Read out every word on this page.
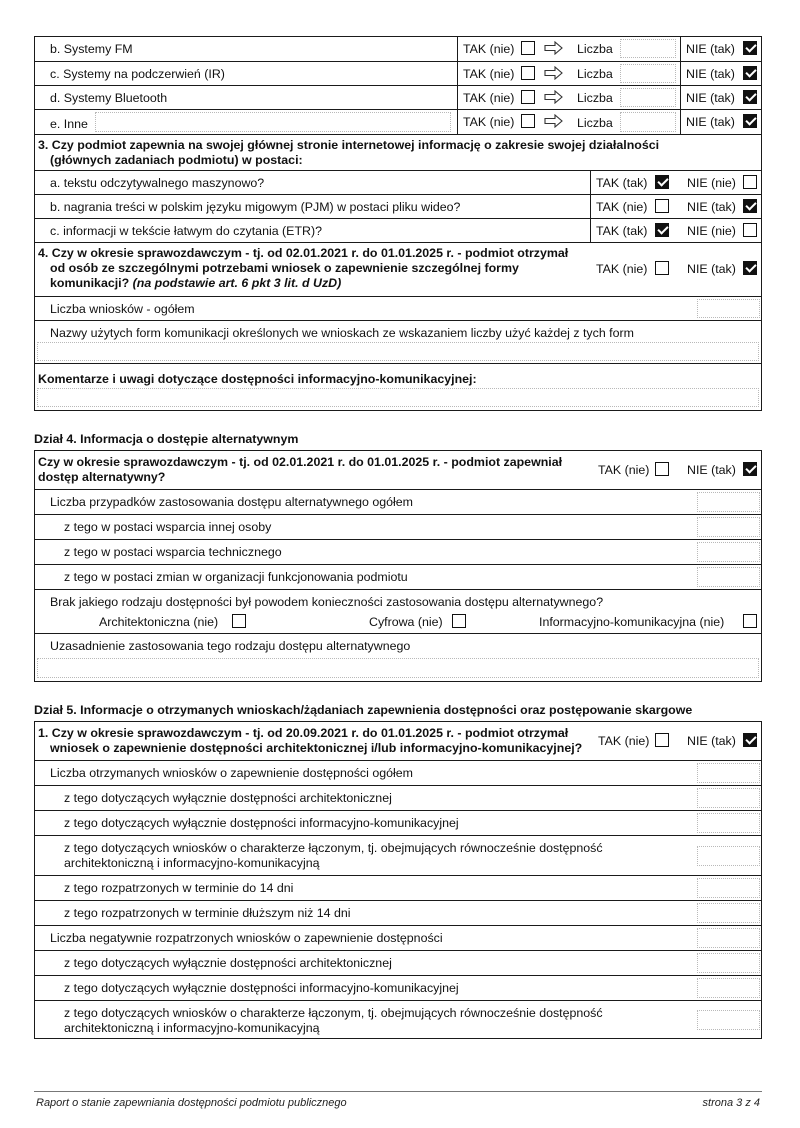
b. Systemy FM	TAK (nie)	Liczba	NIE (tak)
c. Systemy na podczerwień (IR)	TAK (nie)	Liczba	NIE (tak)
d. Systemy Bluetooth	TAK (nie)	Liczba	NIE (tak)
e. Inne	TAK (nie)	Liczba	NIE (tak)
3. Czy podmiot zapewnia na swojej głównej stronie internetowej informację o zakresie swojej działalności
(głównych zadaniach podmiotu) w postaci:
a. tekstu odczytywalnego maszynowo?	TAK (tak)	NIE (nie)
b. nagrania treści w polskim języku migowym (PJM) w postaci pliku wideo?	TAK (nie)	NIE (tak)
c. informacji w tekście łatwym do czytania (ETR)?	TAK (tak)	NIE (nie)
4. Czy w okresie sprawozdawczym - tj. od 02.01.2021 r. do 01.01.2025 r. - podmiot otrzymał
od osób ze szczególnymi potrzebami wniosek o zapewnienie szczególnej formy
komunikacji? (na podstawie art. 6 pkt 3 lit. d UzD)
TAK (nie)	NIE (tak)
Liczba wniosków - ogółem
Nazwy użytych form komunikacji określonych we wnioskach ze wskazaniem liczby użyć każdej z tych form
Komentarze i uwagi dotyczące dostępności informacyjno-komunikacyjnej:
Dział 4. Informacja o dostępie alternatywnym
Czy w okresie sprawozdawczym - tj. od 02.01.2021 r. do 01.01.2025 r. - podmiot zapewniał
dostęp alternatywny?	TAK (nie)	NIE (tak)
Liczba przypadków zastosowania dostępu alternatywnego ogółem
z tego w postaci wsparcia innej osoby
z tego w postaci wsparcia technicznego
z tego w postaci zmian w organizacji funkcjonowania podmiotu
Brak jakiego rodzaju dostępności był powodem konieczności zastosowania dostępu alternatywnego?
Architektoniczna (nie)	Cyfrowa (nie)	Informacyjno-komunikacyjna (nie)
Uzasadnienie zastosowania tego rodzaju dostępu alternatywnego
Dział 5. Informacje o otrzymanych wnioskach/żądaniach zapewnienia dostępności oraz postępowanie skargowe
1. Czy w okresie sprawozdawczym - tj. od 20.09.2021 r. do 01.01.2025 r. - podmiot otrzymał
wniosek o zapewnienie dostępności architektonicznej i/lub informacyjno-komunikacyjnej? TAK (nie)	NIE (tak)
Liczba otrzymanych wniosków o zapewnienie dostępności ogółem
z tego dotyczących wyłącznie dostępności architektonicznej
z tego dotyczących wyłącznie dostępności informacyjno-komunikacyjnej
z tego dotyczących wniosków o charakterze łączonym, tj. obejmujących równocześnie dostępność
architektoniczną i informacyjno-komunikacyjną
z tego rozpatrzonych w terminie do 14 dni
z tego rozpatrzonych w terminie dłuższym niż 14 dni
Liczba negatywnie rozpatrzonych wniosków o zapewnienie dostępności
z tego dotyczących wyłącznie dostępności architektonicznej
z tego dotyczących wyłącznie dostępności informacyjno-komunikacyjnej
z tego dotyczących wniosków o charakterze łączonym, tj. obejmujących równocześnie dostępność
architektoniczną i informacyjno-komunikacyjną
Raport o stanie zapewniania dostępności podmiotu publicznego	strona 3 z 4
